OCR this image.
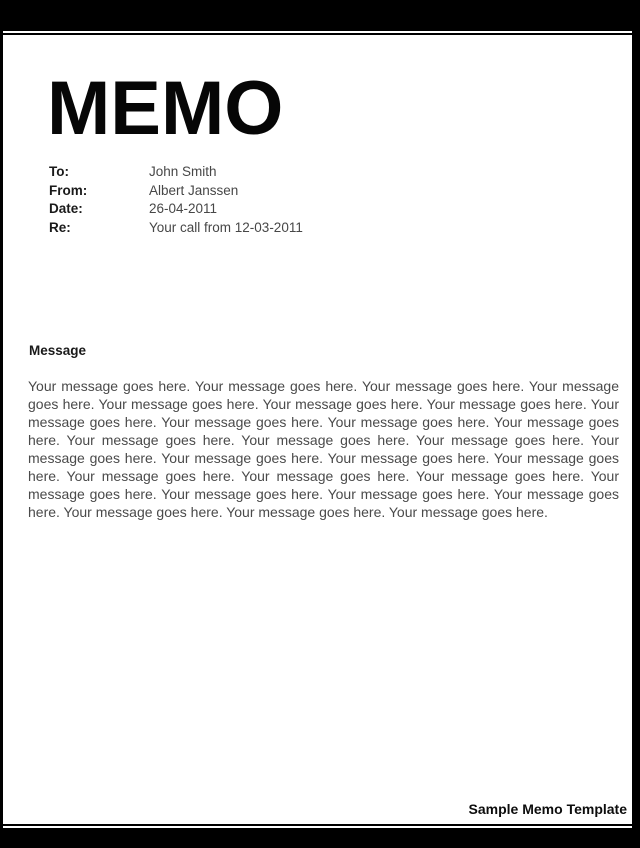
MEMO
To:	John Smith
From:	Albert Janssen
Date:	26-04-2011
Re:	Your call from 12-03-2011
Message

Your message goes here. Your message goes here. Your message goes here. Your message goes here. Your message goes here. Your message goes here. Your message goes here. Your message goes here. Your message goes here. Your message goes here. Your message goes here. Your message goes here. Your message goes here. Your message goes here. Your message goes here. Your message goes here. Your message goes here. Your message goes here. Your message goes here. Your message goes here. Your message goes here. Your message goes here. Your message goes here. Your message goes here. Your message goes here. Your message goes here. Your message goes here. Your message goes here.

Sample Memo Template
